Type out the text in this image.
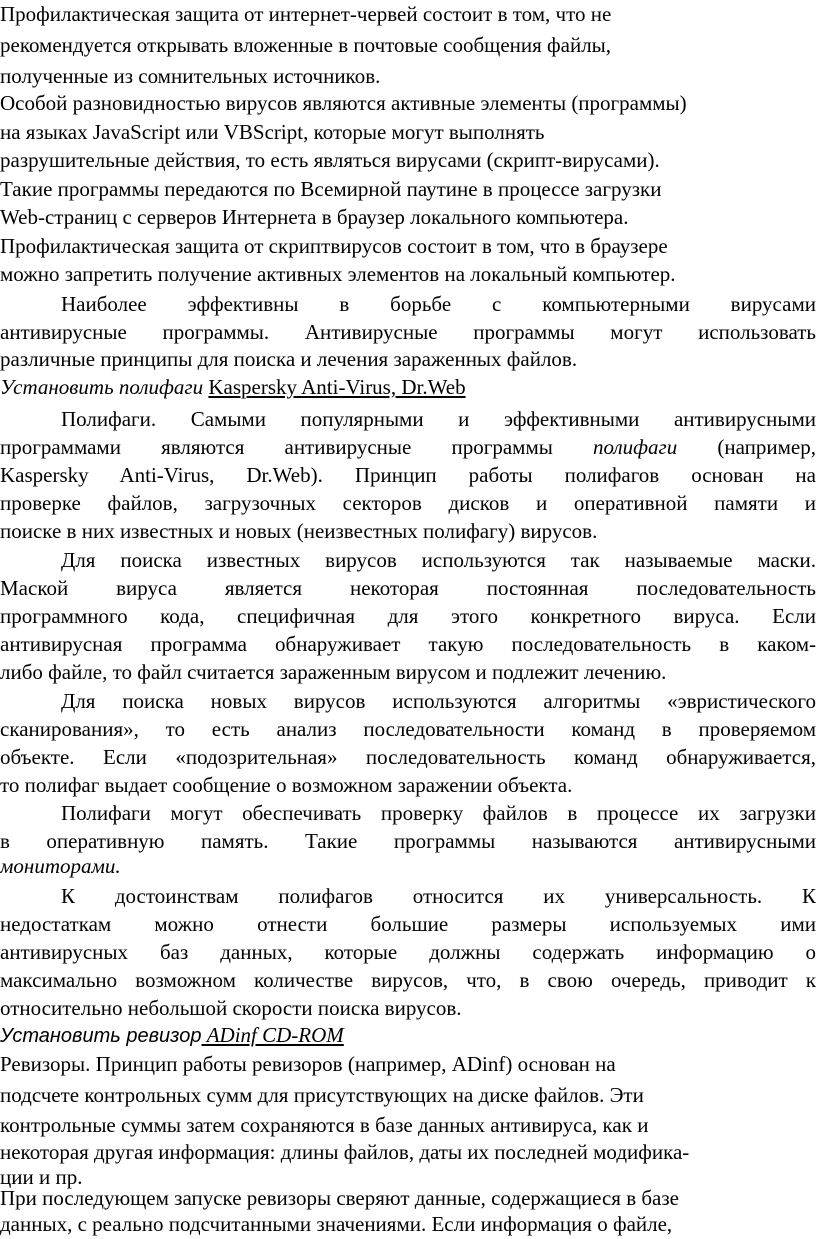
Профилактическая защита от интернет-червей состоит в том, что не
рекомендуется открывать вложенные в почтовые сообщения файлы,
полученные из сомнительных источников.
Особой разновидностью вирусов являются активные элементы (программы)
на языках JavaScript или VBScript, которые могут выполнять
разрушительные действия, то есть являться вирусами (скрипт-вирусами).
Такие программы передаются по Всемирной паутине в процессе загрузки
Web-страниц с серверов Интернета в браузер локального компьютера.
Профилактическая защита от скриптвирусов состоит в том, что в браузере
можно запретить получение активных элементов на локальный компьютер.
Наиболее эффективны в борьбе с компьютерными вирусами
антивирусные программы. Антивирусные программы могут использовать
различные принципы для поиска и лечения зараженных файлов.
Установить полифаги Kaspersky Anti-Virus, Dr.Web
Полифаги. Самыми популярными и эффективными антивирусными
программами являются антивирусные программы полифаги (например,
Kaspersky Anti-Virus, Dr.Web). Принцип работы полифагов основан на
проверке файлов, загрузочных секторов дисков и оперативной памяти и
поиске в них известных и новых (неизвестных полифагу) вирусов.
Для поиска известных вирусов используются так называемые маски.
Маской вируса является некоторая постоянная последовательность
программного кода, специфичная для этого конкретного вируса. Если
антивирусная программа обнаруживает такую последовательность в каком-
либо файле, то файл считается зараженным вирусом и подлежит лечению.
Для поиска новых вирусов используются алгоритмы «эвристического
сканирования», то есть анализ последовательности команд в проверяемом
объекте. Если «подозрительная» последовательность команд обнаруживается,
то полифаг выдает сообщение о возможном заражении объекта.
Полифаги могут обеспечивать проверку файлов в процессе их загрузки
в оперативную память. Такие программы называются антивирусными
мониторами.
К достоинствам полифагов относится их универсальность. К
недостаткам можно отнести большие размеры используемых ими
антивирусных баз данных, которые должны содержать информацию о
максимально возможном количестве вирусов, что, в свою очередь, приводит к
относительно небольшой скорости поиска вирусов.
Установить ревизор ADinf CD-ROM
Ревизоры. Принцип работы ревизоров (например, ADinf) основан на
подсчете контрольных сумм для присутствующих на диске файлов. Эти
контрольные суммы затем сохраняются в базе данных антивируса, как и
некоторая другая информация: длины файлов, даты их последней модифика-
ции и пр.
При последующем запуске ревизоры сверяют данные, содержащиеся в базе
данных, с реально подсчитанными значениями. Если информация о файле,
